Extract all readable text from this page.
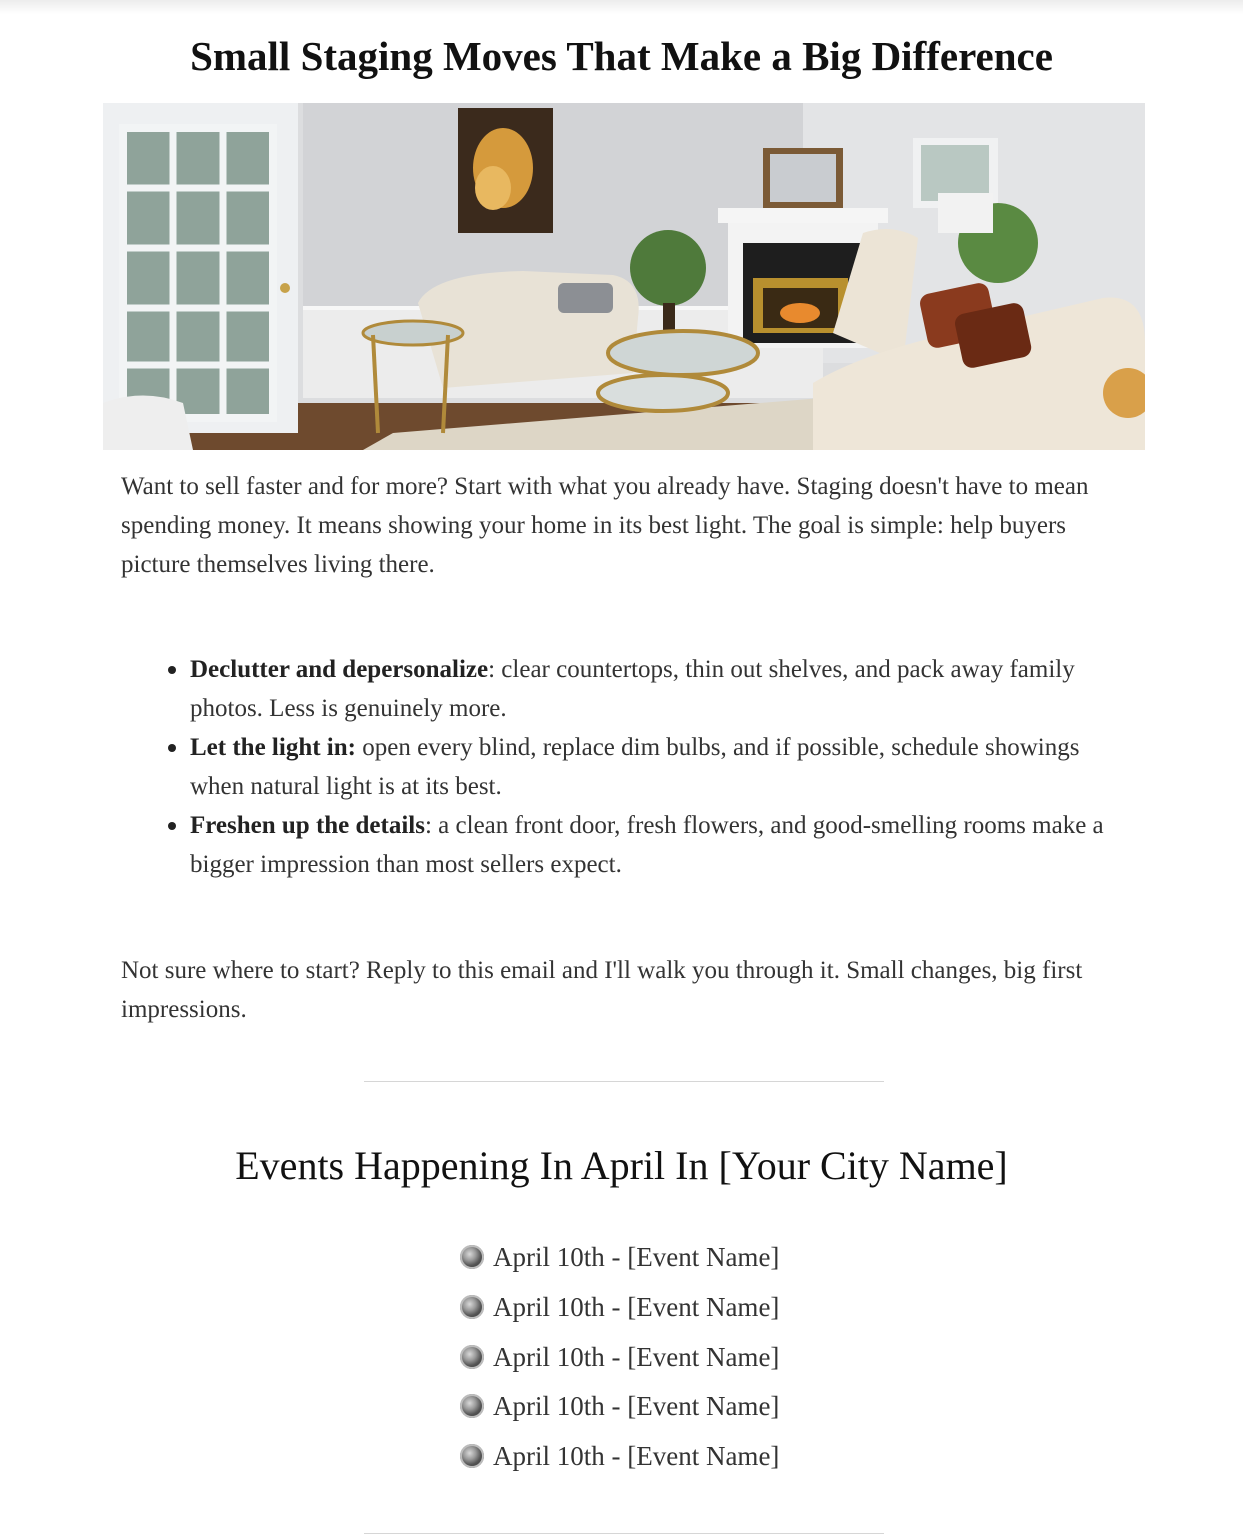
Small Staging Moves That Make a Big Difference

Want to sell faster and for more? Start with what you already have. Staging doesn't have to mean spending money. It means showing your home in its best light. The goal is simple: help buyers picture themselves living there.

Declutter and depersonalize: clear countertops, thin out shelves, and pack away family photos. Less is genuinely more.
Let the light in: open every blind, replace dim bulbs, and if possible, schedule showings when natural light is at its best.
Freshen up the details: a clean front door, fresh flowers, and good-smelling rooms make a bigger impression than most sellers expect.

Not sure where to start? Reply to this email and I'll walk you through it. Small changes, big first impressions.

Events Happening In April In [Your City Name]
April 10th - [Event Name]
April 10th - [Event Name]
April 10th - [Event Name]
April 10th - [Event Name]
April 10th - [Event Name]
